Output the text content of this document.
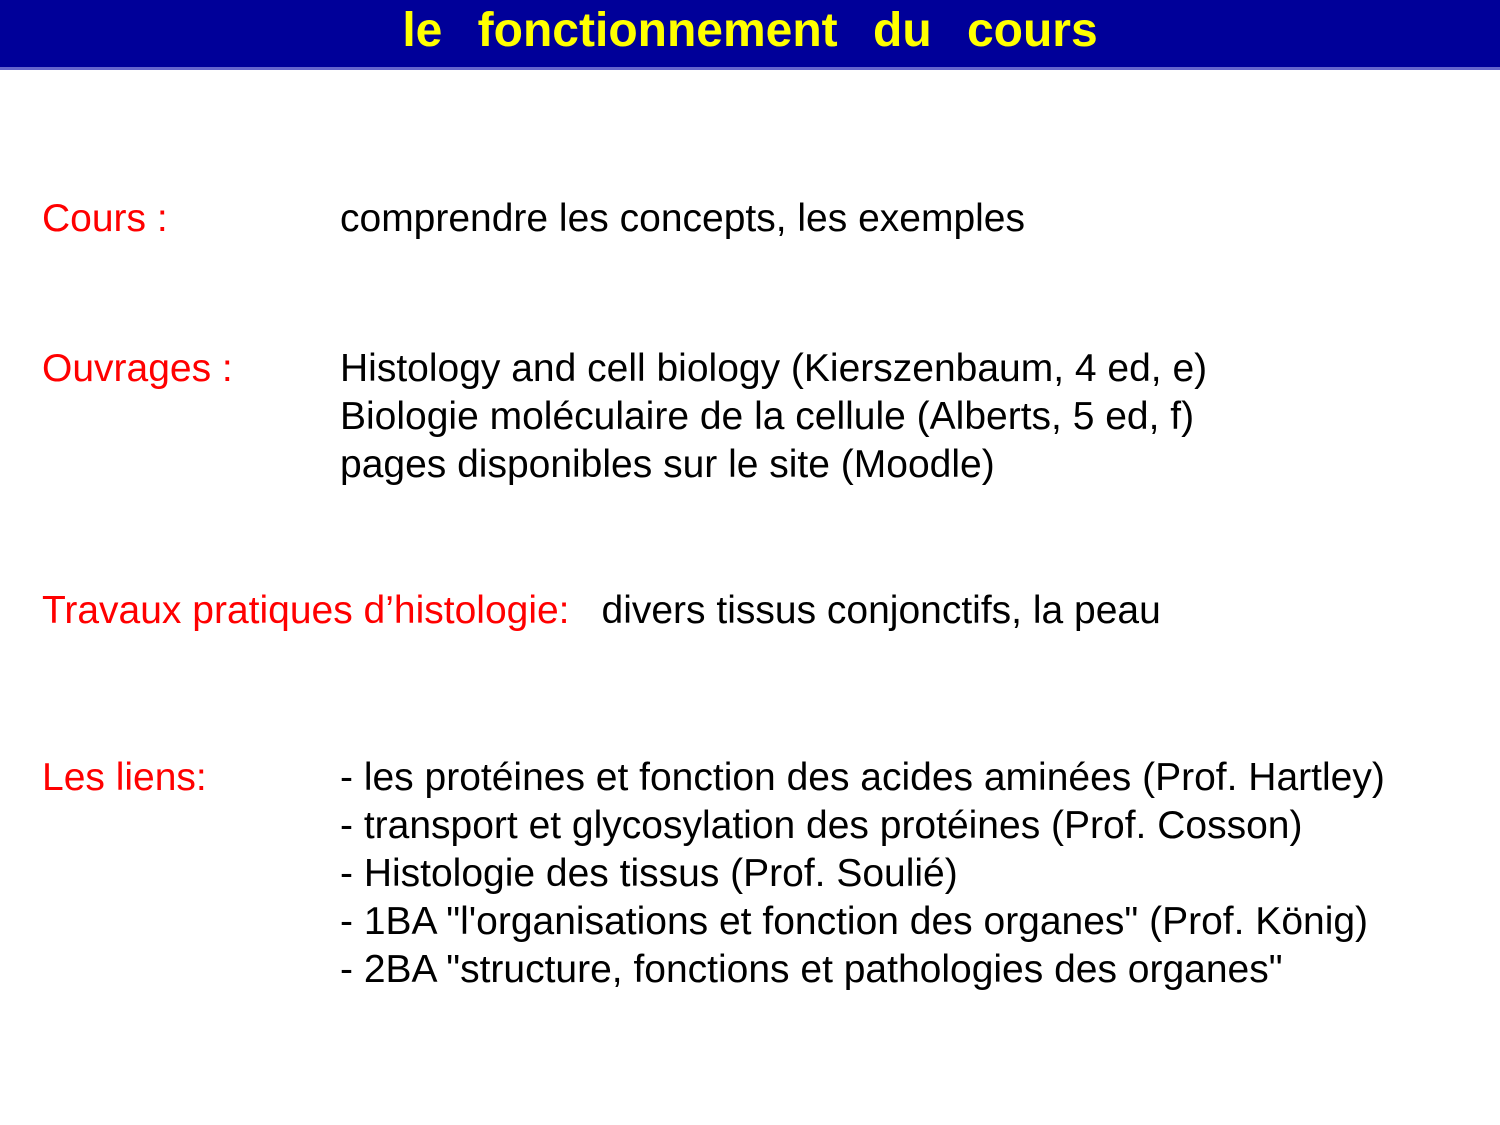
le fonctionnement du cours
Cours :	comprendre les concepts, les exemples
Ouvrages :	Histology and cell biology (Kierszenbaum, 4 ed, e)
Biologie moléculaire de la cellule (Alberts, 5 ed, f)
pages disponibles sur le site (Moodle)
Travaux pratiques d’histologie: divers tissus conjonctifs, la peau
Les liens:	- les protéines et fonction des acides aminées (Prof. Hartley)
- transport et glycosylation des protéines (Prof. Cosson)
- Histologie des tissus (Prof. Soulié)
- 1BA "l'organisations et fonction des organes" (Prof. König)
- 2BA "structure, fonctions et pathologies des organes"
